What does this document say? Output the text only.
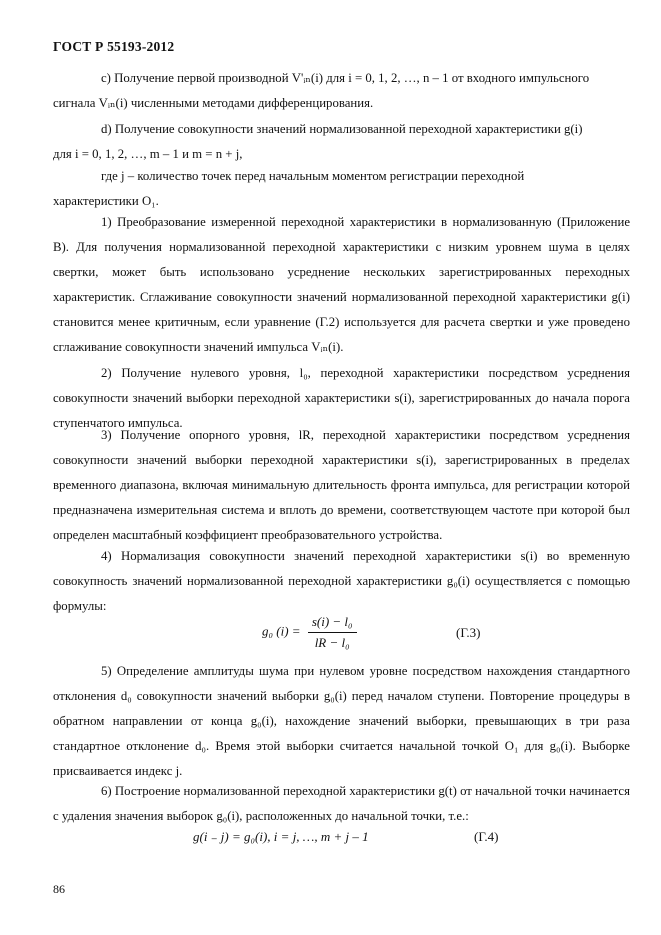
ГОСТ Р 55193-2012
с) Получение первой производной V'ᵢₙ(i) для i = 0, 1, 2, …, n – 1 от входного импульсного
сигнала Vᵢₙ(i) численными методами дифференцирования.
d) Получение совокупности значений нормализованной переходной характеристики g(i)
для i = 0, 1, 2, …, m – 1 и m = n + j,
где j – количество точек перед начальным моментом регистрации переходной
характеристики O₁.
1) Преобразование измеренной переходной характеристики в нормализованную (Приложение В). Для получения нормализованной переходной характеристики с низким уровнем шума в целях свертки, может быть использовано усреднение нескольких зарегистрированных переходных характеристик. Сглаживание совокупности значений нормализованной переходной характеристики g(i) становится менее критичным, если уравнение (Г.2) используется для расчета свертки и уже проведено сглаживание совокупности значений импульса Vᵢₙ(i).
2) Получение нулевого уровня, l₀, переходной характеристики посредством усреднения совокупности значений выборки переходной характеристики s(i), зарегистрированных до начала порога ступенчатого импульса.
3) Получение опорного уровня, lR, переходной характеристики посредством усреднения совокупности значений выборки переходной характеристики s(i), зарегистрированных в пределах временного диапазона, включая минимальную длительность фронта импульса, для регистрации которой предназначена измерительная система и вплоть до времени, соответствующем частоте при которой был определен масштабный коэффициент преобразовательного устройства.
4) Нормализация совокупности значений переходной характеристики s(i) во временную совокупность значений нормализованной переходной характеристики g₀(i) осуществляется с помощью формулы:
g₀ $(i) = \frac{\text{s(i) − l₀}}{\text{lR − l₀}}$	(Г.3)
5) Определение амплитуды шума при нулевом уровне посредством нахождения стандартного отклонения d₀ совокупности значений выборки g₀(i) перед началом ступени. Повторение процедуры в обратном направлении от конца g₀(i), нахождение значений выборки, превышающих в три раза стандартное отклонение d₀. Время этой выборки считается начальной точкой O₁ для g₀(i). Выборке присваивается индекс j.
6) Построение нормализованной переходной характеристики g(t) от начальной точки начинается с удаления значения выборок g₀(i), расположенных до начальной точки, т.е.:
g(i ₋ j) = g₀(i), i = j, …, m + j – 1	(Г.4)
86
